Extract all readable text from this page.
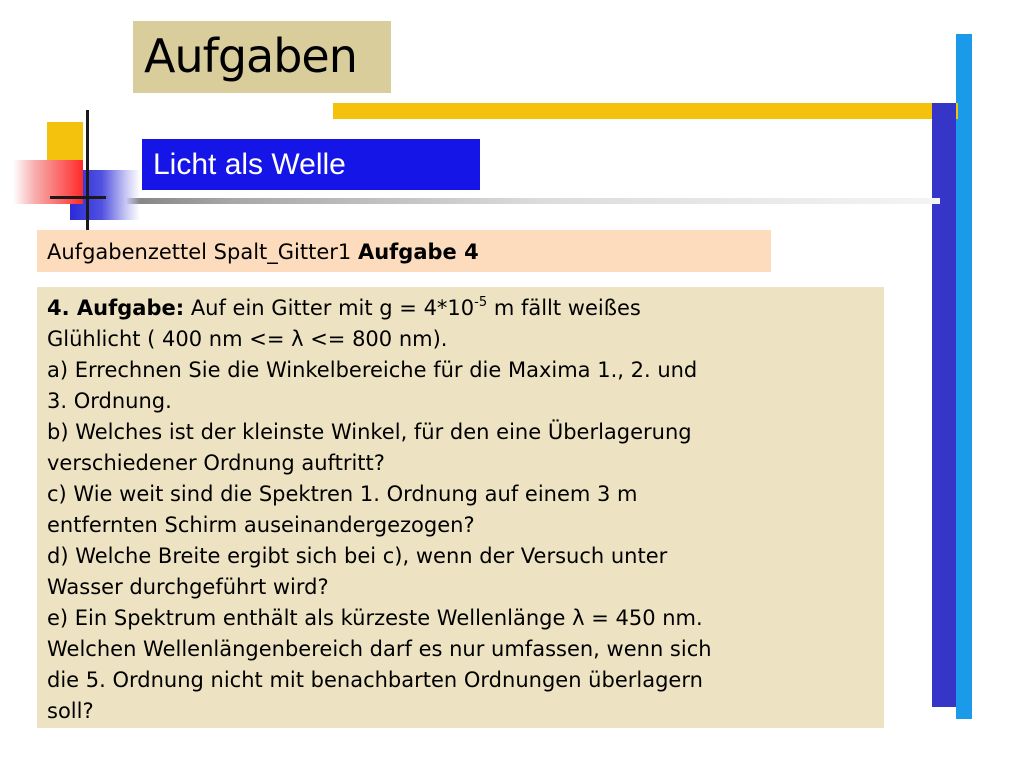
Aufgaben
Licht als Welle
Aufgabenzettel Spalt_Gitter1 Aufgabe 4
4. Aufgabe: Auf ein Gitter mit $g = 4*10^{-5}$ m fällt weißes
Glühlicht ( 400 nm <= λ <= 800 nm).
a) Errechnen Sie die Winkelbereiche für die Maxima 1., 2. und
3. Ordnung.
b) Welches ist der kleinste Winkel, für den eine Überlagerung
verschiedener Ordnung auftritt?
c) Wie weit sind die Spektren 1. Ordnung auf einem 3 m
entfernten Schirm auseinandergezogen?
d) Welche Breite ergibt sich bei c), wenn der Versuch unter
Wasser durchgeführt wird?
e) Ein Spektrum enthält als kürzeste Wellenlänge λ = 450 nm.
Welchen Wellenlängenbereich darf es nur umfassen, wenn sich
die 5. Ordnung nicht mit benachbarten Ordnungen überlagern
soll?
